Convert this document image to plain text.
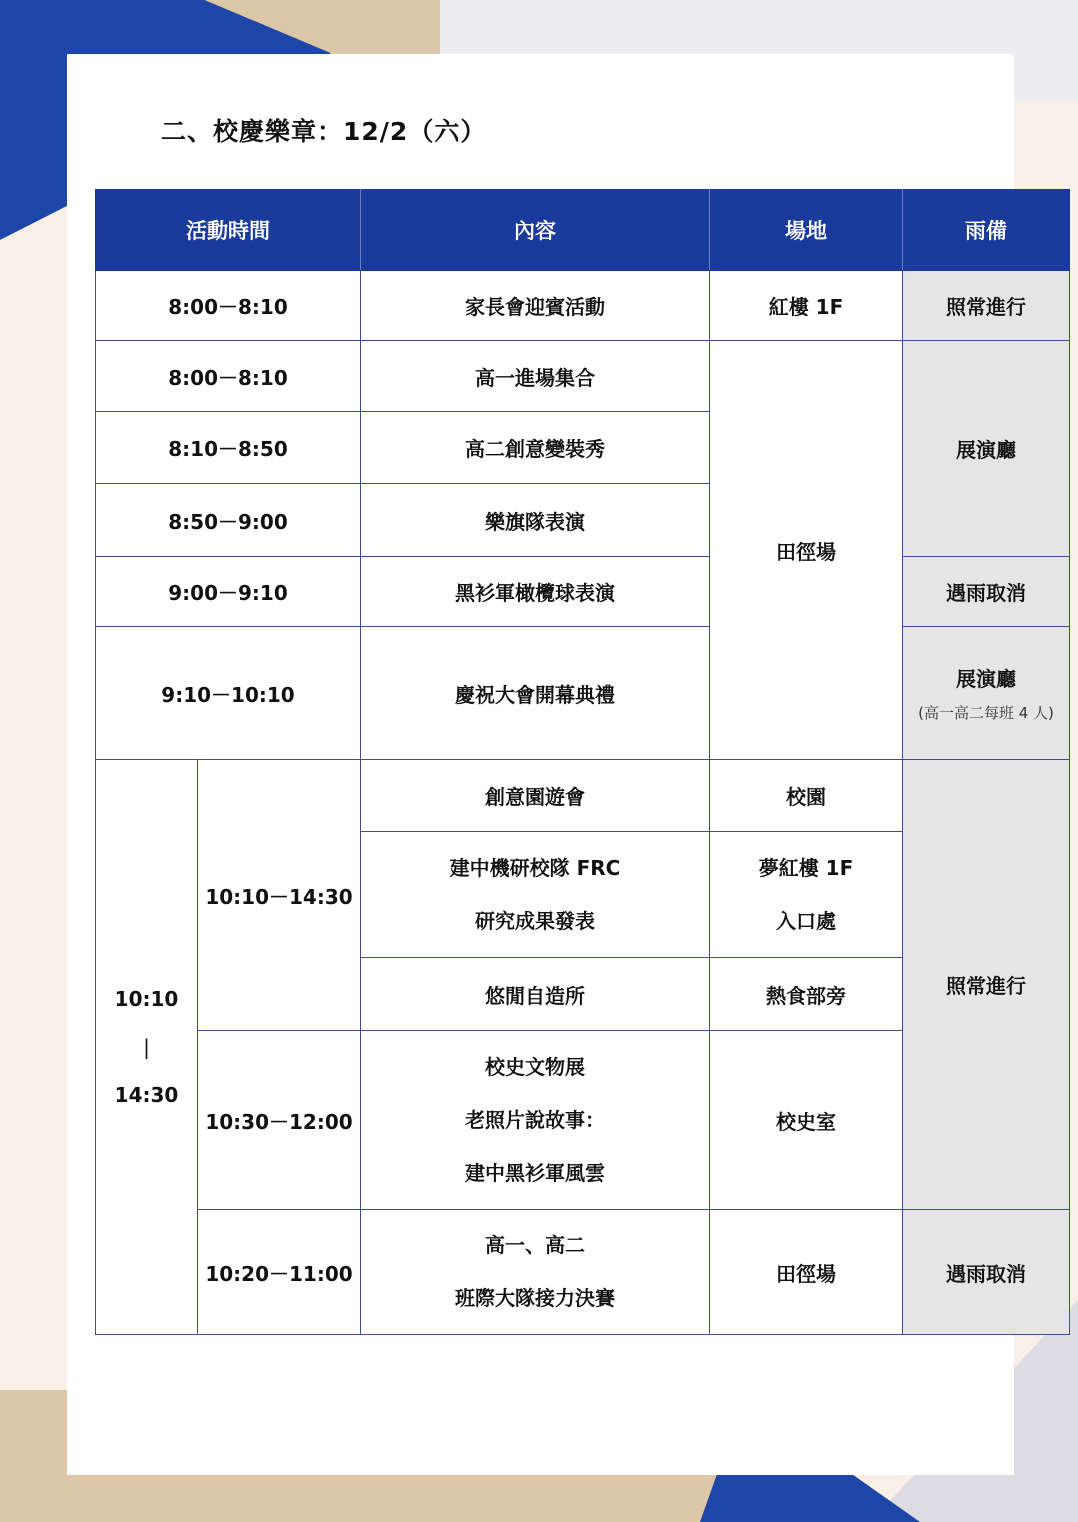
二、校慶樂章：12/2（六）
活動時間		內容	場地	雨備
8:00－8:10		家長會迎賓活動	紅樓 1F	照常進行
8:00－8:10		高一進場集合	田徑場	展演廳
8:10－8:50		高二創意變裝秀		
8:50－9:00		樂旗隊表演		
9:00－9:10		黑衫軍橄欖球表演		遇雨取消
9:10－10:10		慶祝大會開幕典禮		展演廳
(高一高二每班 4 人)

10:10
|
14:30	10:10－14:30	創意園遊會	校園	照常進行

		建中機研校隊 FRC
研究成果發表	夢紅樓 1F
入口處	

		悠閒自造所	熱食部旁	
	10:30－12:00	校史文物展
老照片說故事：
建中黑衫軍風雲	校史室	
	10:20－11:00	高一、高二
班際大隊接力決賽	田徑場	遇雨取消
